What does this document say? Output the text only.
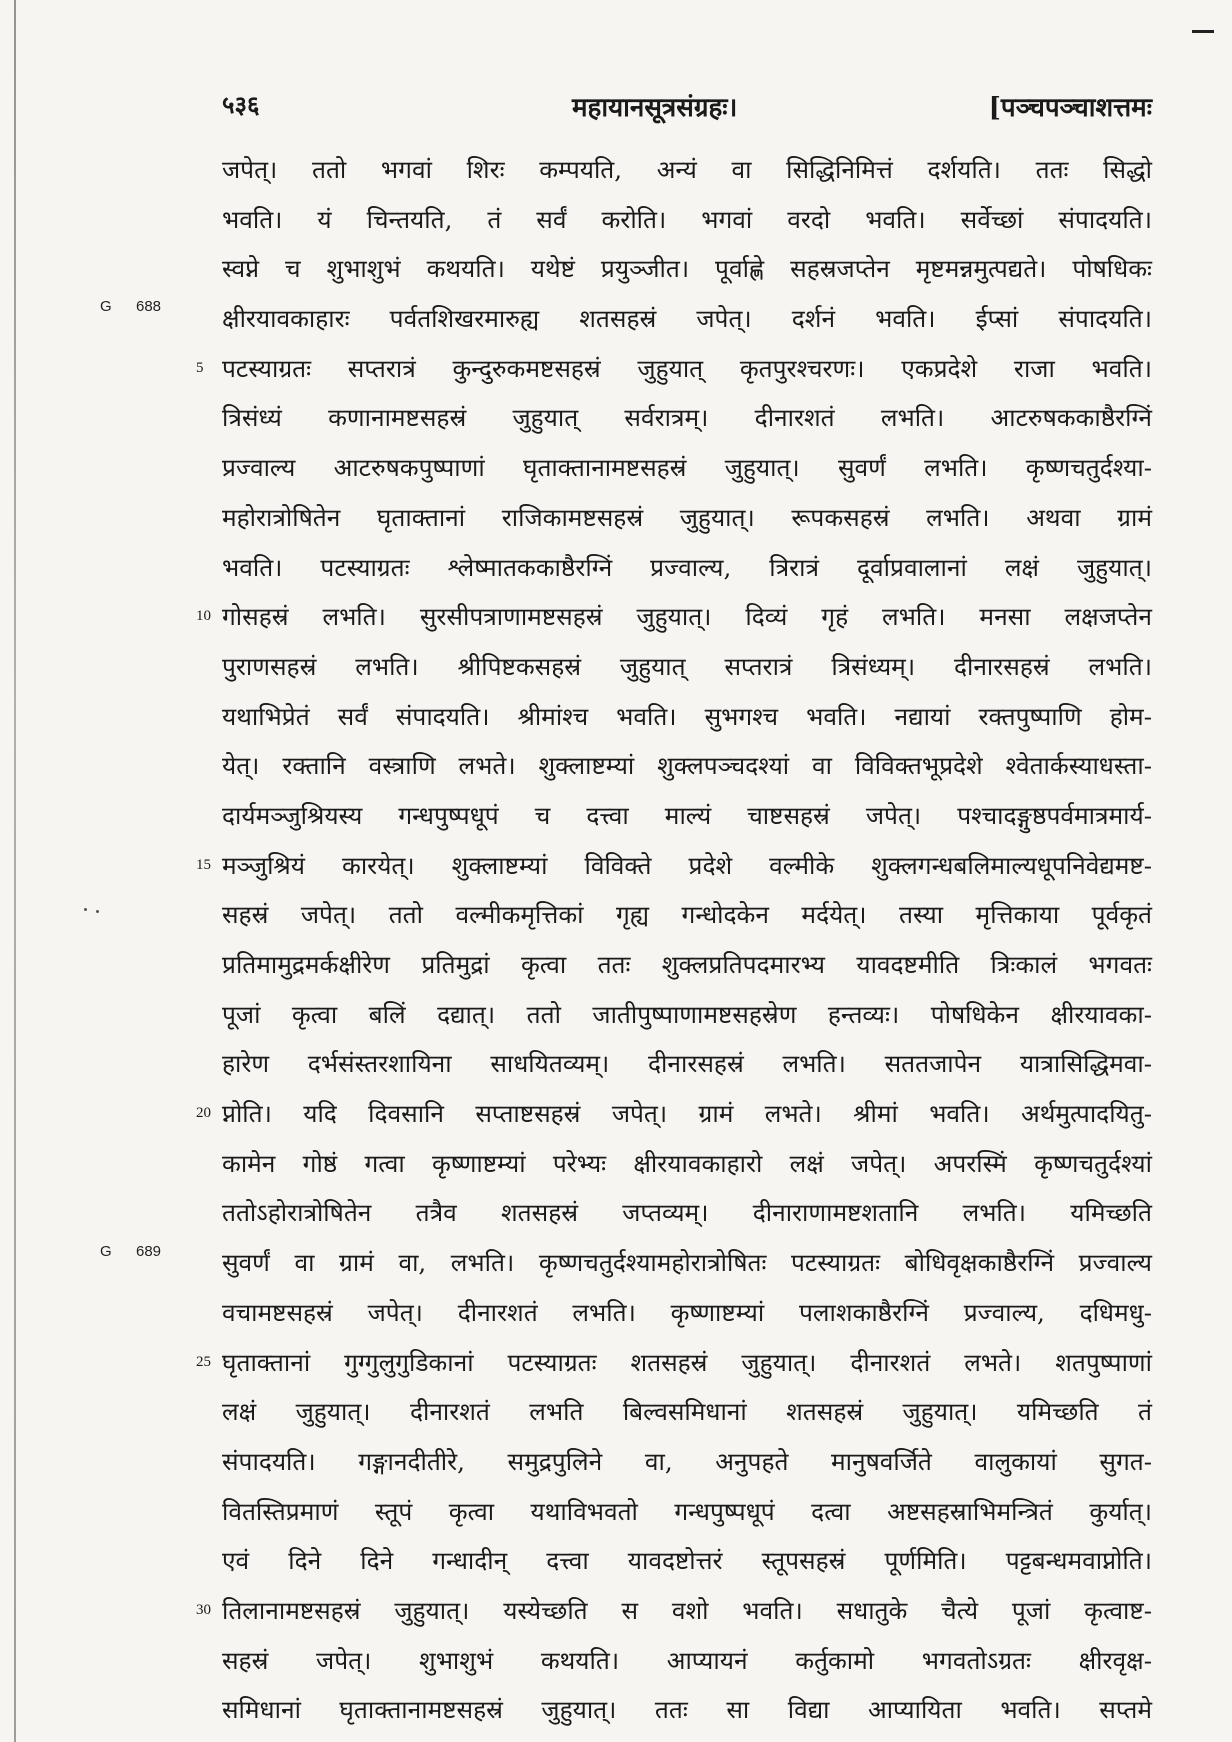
५३६	महायानसूत्रसंग्रहः।	[पञ्चपञ्चाशत्तमः
G 688
G 689
जपेत्। ततो भगवां शिरः कम्पयति, अन्यं वा सिद्धिनिमित्तं दर्शयति। ततः सिद्धो
भवति। यं चिन्तयति, तं सर्वं करोति। भगवां वरदो भवति। सर्वेच्छां संपादयति।
स्वप्ने च शुभाशुभं कथयति। यथेष्टं प्रयुञ्जीत। पूर्वाह्णे सहस्रजप्तेन मृष्टमन्नमुत्पद्यते। पोषधिकः
क्षीरयावकाहारः पर्वतशिखरमारुह्य शतसहस्रं जपेत्। दर्शनं भवति। ईप्सां संपादयति।
5 पटस्याग्रतः सप्तरात्रं कुन्दुरुकमष्टसहस्रं जुहुयात् कृतपुरश्चरणः। एकप्रदेशे राजा भवति।
त्रिसंध्यं कणानामष्टसहस्रं जुहुयात् सर्वरात्रम्। दीनारशतं लभति। आटरुषककाष्ठैरग्निं
प्रज्वाल्य आटरुषकपुष्पाणां घृताक्तानामष्टसहस्रं जुहुयात्। सुवर्णं लभति। कृष्णचतुर्दश्या-
महोरात्रोषितेन घृताक्तानां राजिकामष्टसहस्रं जुहुयात्। रूपकसहस्रं लभति। अथवा ग्रामं
भवति। पटस्याग्रतः श्लेष्मातककाष्ठैरग्निं प्रज्वाल्य, त्रिरात्रं दूर्वाप्रवालानां लक्षं जुहुयात्।
10 गोसहस्रं लभति। सुरसीपत्राणामष्टसहस्रं जुहुयात्। दिव्यं गृहं लभति। मनसा लक्षजप्तेन
पुराणसहस्रं लभति। श्रीपिष्टकसहस्रं जुहुयात् सप्तरात्रं त्रिसंध्यम्। दीनारसहस्रं लभति।
यथाभिप्रेतं सर्वं संपादयति। श्रीमांश्च भवति। सुभगश्च भवति। नद्यायां रक्तपुष्पाणि होम-
येत्। रक्तानि वस्त्राणि लभते। शुक्लाष्टम्यां शुक्लपञ्चदश्यां वा विविक्तभूप्रदेशे श्वेतार्कस्याधस्ता-
दार्यमञ्जुश्रियस्य गन्धपुष्पधूपं च दत्त्वा माल्यं चाष्टसहस्रं जपेत्। पश्चादङ्गुष्ठपर्वमात्रमार्य-
15 मञ्जुश्रियं कारयेत्। शुक्लाष्टम्यां विविक्ते प्रदेशे वल्मीके शुक्लगन्धबलिमाल्यधूपनिवेद्यमष्ट-
सहस्रं जपेत्। ततो वल्मीकमृत्तिकां गृह्य गन्धोदकेन मर्दयेत्। तस्या मृत्तिकाया पूर्वकृतं
प्रतिमामुद्रमर्कक्षीरेण प्रतिमुद्रां कृत्वा ततः शुक्लप्रतिपदमारभ्य यावदष्टमीति त्रिःकालं भगवतः
पूजां कृत्वा बलिं दद्यात्। ततो जातीपुष्पाणामष्टसहस्रेण हन्तव्यः। पोषधिकेन क्षीरयावका-
हारेण दर्भसंस्तरशायिना साधयितव्यम्। दीनारसहस्रं लभति। सततजापेन यात्रासिद्धिमवा-
20 प्नोति। यदि दिवसानि सप्ताष्टसहस्रं जपेत्। ग्रामं लभते। श्रीमां भवति। अर्थमुत्पादयितु-
कामेन गोष्ठं गत्वा कृष्णाष्टम्यां परेभ्यः क्षीरयावकाहारो लक्षं जपेत्। अपरस्मिं कृष्णचतुर्दश्यां
ततोऽहोरात्रोषितेन तत्रैव शतसहस्रं जप्तव्यम्। दीनाराणामष्टशतानि लभति। यमिच्छति
सुवर्णं वा ग्रामं वा, लभति। कृष्णचतुर्दश्यामहोरात्रोषितः पटस्याग्रतः बोधिवृक्षकाष्ठैरग्निं प्रज्वाल्य
वचामष्टसहस्रं जपेत्। दीनारशतं लभति। कृष्णाष्टम्यां पलाशकाष्ठैरग्निं प्रज्वाल्य, दधिमधु-
25 घृताक्तानां गुग्गुलुगुडिकानां पटस्याग्रतः शतसहस्रं जुहुयात्। दीनारशतं लभते। शतपुष्पाणां
लक्षं जुहुयात्। दीनारशतं लभति बिल्वसमिधानां शतसहस्रं जुहुयात्। यमिच्छति तं
संपादयति। गङ्गानदीतीरे, समुद्रपुलिने वा, अनुपहते मानुषवर्जिते वालुकायां सुगत-
वितस्तिप्रमाणं स्तूपं कृत्वा यथाविभवतो गन्धपुष्पधूपं दत्वा अष्टसहस्राभिमन्त्रितं कुर्यात्।
एवं दिने दिने गन्धादीन् दत्त्वा यावदष्टोत्तरं स्तूपसहस्रं पूर्णमिति। पट्टबन्धमवाप्नोति।
30 तिलानामष्टसहस्रं जुहुयात्। यस्येच्छति स वशो भवति। सधातुके चैत्ये पूजां कृत्वाष्ट-
सहस्रं जपेत्। शुभाशुभं कथयति। आप्यायनं कर्तुकामो भगवतोऽग्रतः क्षीरवृक्ष-
समिधानां घृताक्तानामष्टसहस्रं जुहुयात्। ततः सा विद्या आप्यायिता भवति। सप्तमे
